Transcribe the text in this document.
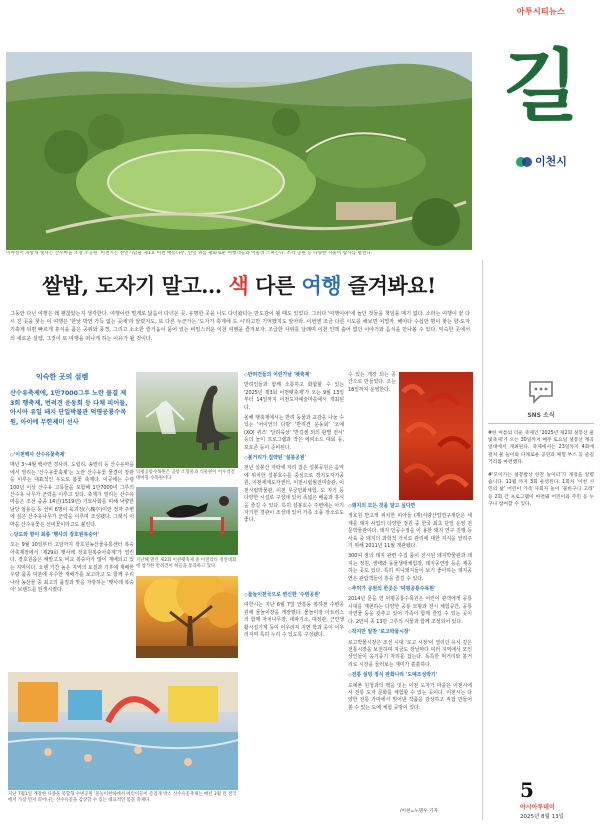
이야설이 파랗게 빛나는 산수마을 조망 소공원. 이천시는 천연기념물 제1호 이천 배롱나무, 연잎 위를 평화로운 여행객들과 어울려 스며든다. 조각 공원 등 다양한 사물이 탐사를 펼친다.
아투시티뉴스
길
이천시
쌀밥, 도자기 말고… 색 다른 여행 즐겨봐요!
그동안 다닌 여행은 왜 괜찮았는지 생각한다. 여행이란 멀게로 닮음이 다녀온 곳, 유명한 곳을 나도 다녀왔다는 만도감이 될 때도 있었다. 그러다 '여행이야'에 놀던 것들을 책임을 매기 없다. 소라는 여행이 끝 다시 진 곳을 찾는 이 여행은 '한낮 박연 가득 없는 곳에'라 알렸지도, 또 다른 누군가는 '도자기 축제에 도 시'라고만 기억했지도 알아라. 이번엔 조금 다른 시도를 해보면 어떨까. 해야다 수십만 명이 찾는 향·도자기축제 뒤편 빠르게 휴식을 품은 공위와 풍경, 그리고 소소한 즐거움이 묻어 있는 비밀스러운 이천 여행을 즐겨보자. 조급한 사위를 달래며 이천 인맥 출어 없던 이야기와 음식을 만나볼 수 있다. 익숙한 곳에서의 새로운 설렘, 그것이 또 여행을 떠나게 하는 이유가 될 것이다.
익숙한 곳의 설렘
산수유축제에, 1만7000그루 노란 물결 제3회 행축제, 번려견 운동회 등 다채 피어들, 아시아 유일 돼지 단일박물관 덕평공룡수목원, 아이에 무한제미 선사

◇'이천백사 산수유꽃축제'

매년 3~4월 백사면 경사리, 도립리, 송말리 등 산수유마을에서 열리는 '산수유꽃축제'는 노란 산수유꽃 물결이 장관을 이루는 대표적인 우도로 봄꽃 축제다. 이곳에는 수령 100년 이상 산수유 고목들을 포함해 1만7000여 그루의 산수유 나무가 군락을 이루고 있다. 축제가 열리는 산수유마을은 조선 중종 14년(1519년) 기묘사화를 피해 낙향한 남당 엄용순 등 선비 6명이 육괴정(六槐亭)이란 정자 주변에 심은 산수유나무가 군락을 이루며 조성됐다. 그래서 이 마을 산수유꽃은 선비꽃이라고도 불린다.

◇당도와 향이 최종 '행사의 장호원복숭아'

오는 9월 10일부터 고암까지 장호원농산물유통센터 복숭아축제장에서 '제29회 햇사레 장호원복숭아축제'가 열린다. 장호원읍은 해발고도 비교 복숭아가 많이 재배되고 있는 지역이다. 오랜 기간 높은 지역의 토질과 기후에 재배한 우량 품종 덕분에 우수한 재배가를 보고라고 도 함께 우리나라 농산물 중 최고의 품질과 맛을 자랑하는 '햇사레 복숭아' 브랜드를 탄생시켰다.

덕평공룡수목원은 공룡 조형물과 식물원이 어우러진 테마형 수목원이다
지난해 열린 제2회 이천펫축제 중 어질리티 경연대회에 참가한 반려견이 허들을 통과하고 있다.
지난 7월1일 개장한 다종물 복합형 수변공원 '물놀이천하에서 어린이들이 즐겁게 박스 산수유꽃축제는 매년 3월 말 전국에서 가장 먼저 피어나는 산수유꽃을 감상할 수 있는 대표적인 봄꽃 축제다.

◇반려견들의 어린가날 '펫축제'

반려인들과 함께 소통하고 화합할 수 있는 '2025년 제3회 이천펫축제'가 오는 9월 13일부터 14일까지 이천도자예술마을에서 개최된다.

올해 행축제에서는 반려 동물과 교감을 나눌 수 있는 '어이언의 다방' '반려견 운동회' '오예 (XO) 퀴즈' '달려육상' '반길센 외의 판별 전시' 등의 놀이 프로그램과 작은 에피소드 대회 등, 포토존 등이 준비된다.

◇볼거리가 집약된 '설봉공원'

천년 설봉산 자락에 자리 잡은 설봉공원은 음악에 위치한 설봉호수를 중심으로 경기도자기공원, 이천세계도자센터, 이천시립월전미술관, 이천시립박물관, 이천 무궁민화체험, 도 자기 등 다양한 시설로 구성돼 있어 폭넓은 배움과 휴식을 즐길 수 있다. 특히 설봉호수 주변에는 아기자기한 경관이 조성돼 있어 가족 소풍 장소로도 좋다.

◇물놀이천국으로 변신한 '수변공원'

여한시는 지난 6월 7일 안흥동 복하천 수변공원에 물놀이장을 개장했다. 물놀이장 아트러스의 함께 자치나무장, 대파기소, 대정관, 근린생활시설기계 등이 어우러져 지연 학과 공이 어우러지며 특히 누리 수 있도록 구성됐다.

수 있는 개장 되는 공간으로 만들었다. 오는 18일까지 운영한다.

◇돼지의 모든 것을 알고 싶다면

정호원 반고개 위치한 피아들 (재)식량산업연구재단은 세계를 돼지 사업의 다양한 정원 중 한국 최초 단일 운영 전문박물관이다. 돼지 인공수정을 이 용한 돼지 연구 진행 등 사육 중 돼지의 과학적 가치로 관리에 대한 지식을 알려주기 위해 2011년 11월 개관됐다.

300여 점의 돼지 관련 수집 품이 전시된 돼지박물관과 돼지는 정원, 생태와 동물생태체험장, 돼지공연장 등을 제공하는 곳도 있다. 특히 미니돼지들이 보기 좋아하는 돼지공연은 관람객들이 흥을 즐길 수 있다.

◇추억가 공원의 한곳은 '덕평공룡수목원'

2014년 문을 연 덕평공룡수목원은 어린이 관객에게 공룡 시대를 재현하는 다양한 공룡 모형과 전시 체험공간, 공룡 자연물 등을 갖추고 있어 가족이 함께 즐길 수 있는 곳이다. 2만여 종 13만 그루의 식물과 함께 조성되어 있다.

◇작지만 알찬 '로고박물시장'

로고박물시장은 조선 시대 '로고 시장'이 열리던 유서 깊은 전통시장을 보전하며 지금도 장날마다 여러 지역에서 모인 상인들이 옹기종기 자리를 잡는다. 독특한 먹거리와 볼거리로 시장을 둘러보는 재미가 쏠쏠하다.

◇전통 설빙 정식 판화나라 '도예조성박기'

도예촌 원청과의 맥을 잇는 이천 도자기 마을은 이천시에서 전통 도자 문화를 체험할 수 있는 곳이다. 이천시는 다양한 전통 가마에서 빚어낸 작품을 감상하고 직접 만들어 볼 수 있는 도예 체험 공방이 있다.

/이천=노명우 기자
SNS 소식

#한 여름의 더운 축제인 '2025년 제2회 설봉산 물빛축제'가 오는 30일까지 매주 토요일 설봉산 계곡 일대에서 개최된다. 축제에서는 23일까지 4회에 걸쳐 물 놀이와 다채로운 공연과 체험 부스 등 즐길 거리를 마련했다.

#'모이가는 설봉밥상 한잔 놀이터'가 개장을 알렸습니다. 11월 까지 3회 운영된다. 1회차 '이천 시민의 삶' 어린이 가족 사회자 놀이 '물바구니 고래' 등 2회 간 프로그램이 마련돼 어린이와 주민 등 누구나 참여할 수 있다.

5
아시아투데이
2025년 8월 13일
